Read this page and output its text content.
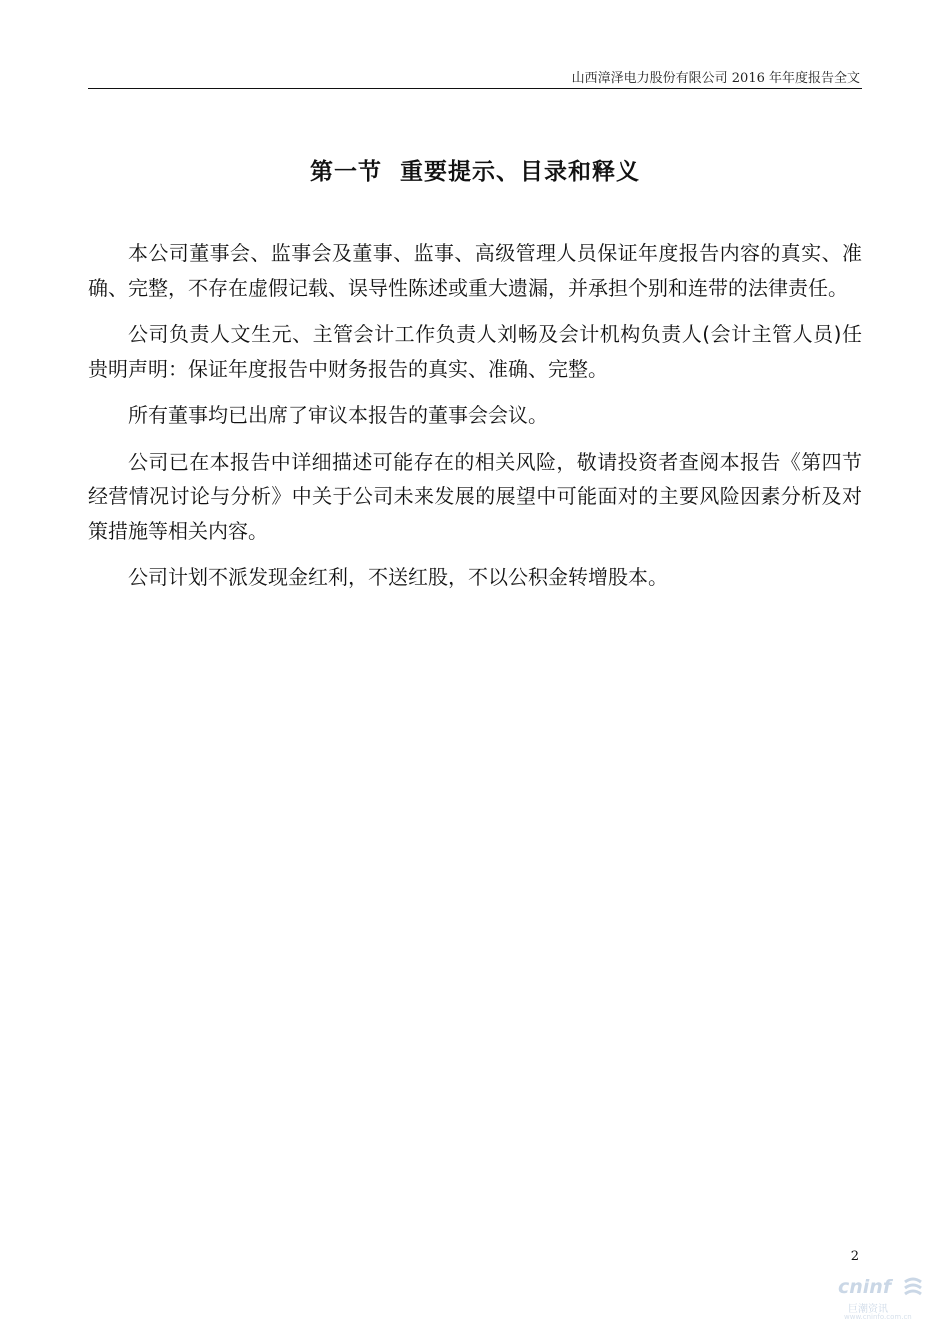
山西漳泽电力股份有限公司 2016 年年度报告全文
第一节  重要提示、目录和释义

本公司董事会、监事会及董事、监事、高级管理人员保证年度报告内容的真实、准确、完整，不存在虚假记载、误导性陈述或重大遗漏，并承担个别和连带的法律责任。

公司负责人文生元、主管会计工作负责人刘畅及会计机构负责人(会计主管人员)任贵明声明：保证年度报告中财务报告的真实、准确、完整。

所有董事均已出席了审议本报告的董事会会议。

公司已在本报告中详细描述可能存在的相关风险，敬请投资者查阅本报告《第四节经营情况讨论与分析》中关于公司未来发展的展望中可能面对的主要风险因素分析及对策措施等相关内容。

公司计划不派发现金红利，不送红股，不以公积金转增股本。

2
cninf
巨潮资讯
www.cninfo.com.cn
